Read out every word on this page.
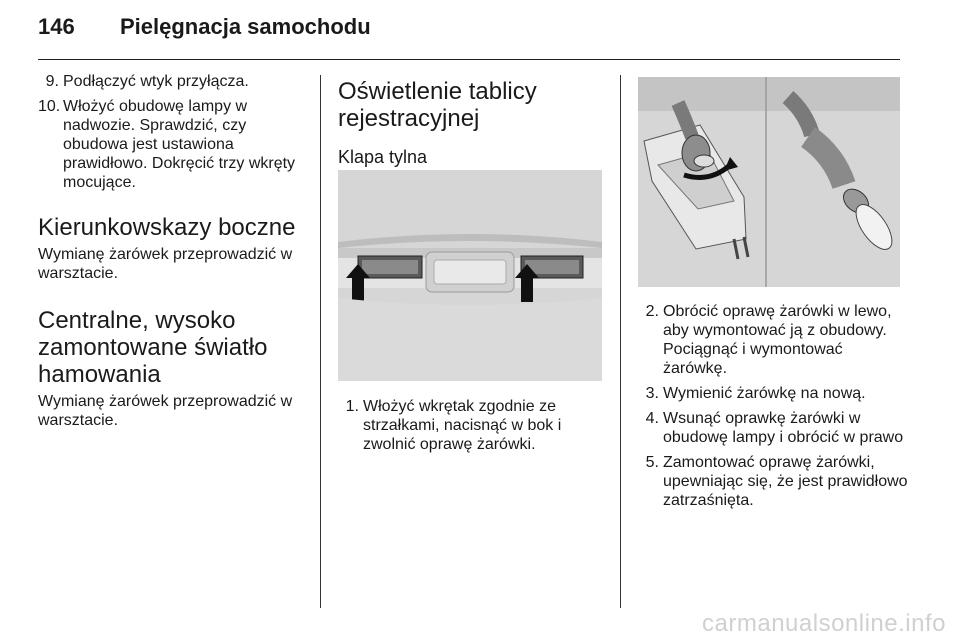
146 Pielęgnacja samochodu
9. Podłączyć wtyk przyłącza.
10. Włożyć obudowę lampy w nadwozie. Sprawdzić, czy obudowa jest ustawiona prawidłowo. Dokręcić trzy wkręty mocujące.
Kierunkowskazy boczne

Wymianę żarówek przeprowadzić w warsztacie.

Centralne, wysoko zamontowane światło hamowania

Wymianę żarówek przeprowadzić w warsztacie.

Oświetlenie tablicy rejestracyjnej
Klapa tylna
1. Włożyć wkrętak zgodnie ze strzałkami, nacisnąć w bok i zwolnić oprawę żarówki.
2. Obrócić oprawę żarówki w lewo, aby wymontować ją z obudowy. Pociągnąć i wymontować żarówkę.
3. Wymienić żarówkę na nową.
4. Wsunąć oprawkę żarówki w obudowę lampy i obrócić w prawo
5. Zamontować oprawę żarówki, upewniając się, że jest prawidłowo zatrzaśnięta.
carmanualsonline.info
